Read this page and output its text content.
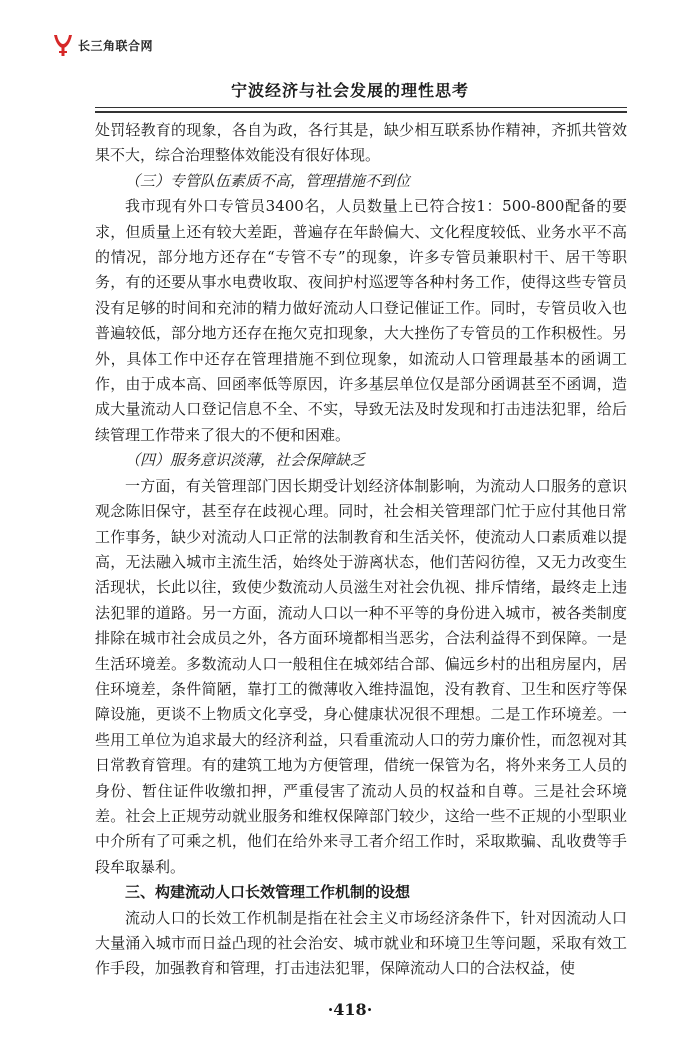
长三角联合网
宁波经济与社会发展的理性思考

处罚轻教育的现象，各自为政，各行其是，缺少相互联系协作精神，齐抓共管效果不大，综合治理整体效能没有很好体现。

（三）专管队伍素质不高，管理措施不到位

我市现有外口专管员3400名，人员数量上已符合按1：500-800配备的要求，但质量上还有较大差距，普遍存在年龄偏大、文化程度较低、业务水平不高的情况，部分地方还存在“专管不专”的现象，许多专管员兼职村干、居干等职务，有的还要从事水电费收取、夜间护村巡逻等各种村务工作，使得这些专管员没有足够的时间和充沛的精力做好流动人口登记催证工作。同时，专管员收入也普遍较低，部分地方还存在拖欠克扣现象，大大挫伤了专管员的工作积极性。另外，具体工作中还存在管理措施不到位现象，如流动人口管理最基本的函调工作，由于成本高、回函率低等原因，许多基层单位仅是部分函调甚至不函调，造成大量流动人口登记信息不全、不实，导致无法及时发现和打击违法犯罪，给后续管理工作带来了很大的不便和困难。

（四）服务意识淡薄，社会保障缺乏

一方面，有关管理部门因长期受计划经济体制影响，为流动人口服务的意识观念陈旧保守，甚至存在歧视心理。同时，社会相关管理部门忙于应付其他日常工作事务，缺少对流动人口正常的法制教育和生活关怀，使流动人口素质难以提高，无法融入城市主流生活，始终处于游离状态，他们苦闷彷徨，又无力改变生活现状，长此以往，致使少数流动人员滋生对社会仇视、排斥情绪，最终走上违法犯罪的道路。另一方面，流动人口以一种不平等的身份进入城市，被各类制度排除在城市社会成员之外，各方面环境都相当恶劣，合法利益得不到保障。一是生活环境差。多数流动人口一般租住在城郊结合部、偏远乡村的出租房屋内，居住环境差，条件简陋，靠打工的微薄收入维持温饱，没有教育、卫生和医疗等保障设施，更谈不上物质文化享受，身心健康状况很不理想。二是工作环境差。一些用工单位为追求最大的经济利益，只看重流动人口的劳力廉价性，而忽视对其日常教育管理。有的建筑工地为方便管理，借统一保管为名，将外来务工人员的身份、暂住证件收缴扣押，严重侵害了流动人员的权益和自尊。三是社会环境差。社会上正规劳动就业服务和维权保障部门较少，这给一些不正规的小型职业中介所有了可乘之机，他们在给外来寻工者介绍工作时，采取欺骗、乱收费等手段牟取暴利。

三、构建流动人口长效管理工作机制的设想

流动人口的长效工作机制是指在社会主义市场经济条件下，针对因流动人口大量涌入城市而日益凸现的社会治安、城市就业和环境卫生等问题，采取有效工作手段，加强教育和管理，打击违法犯罪，保障流动人口的合法权益，使

·418·
